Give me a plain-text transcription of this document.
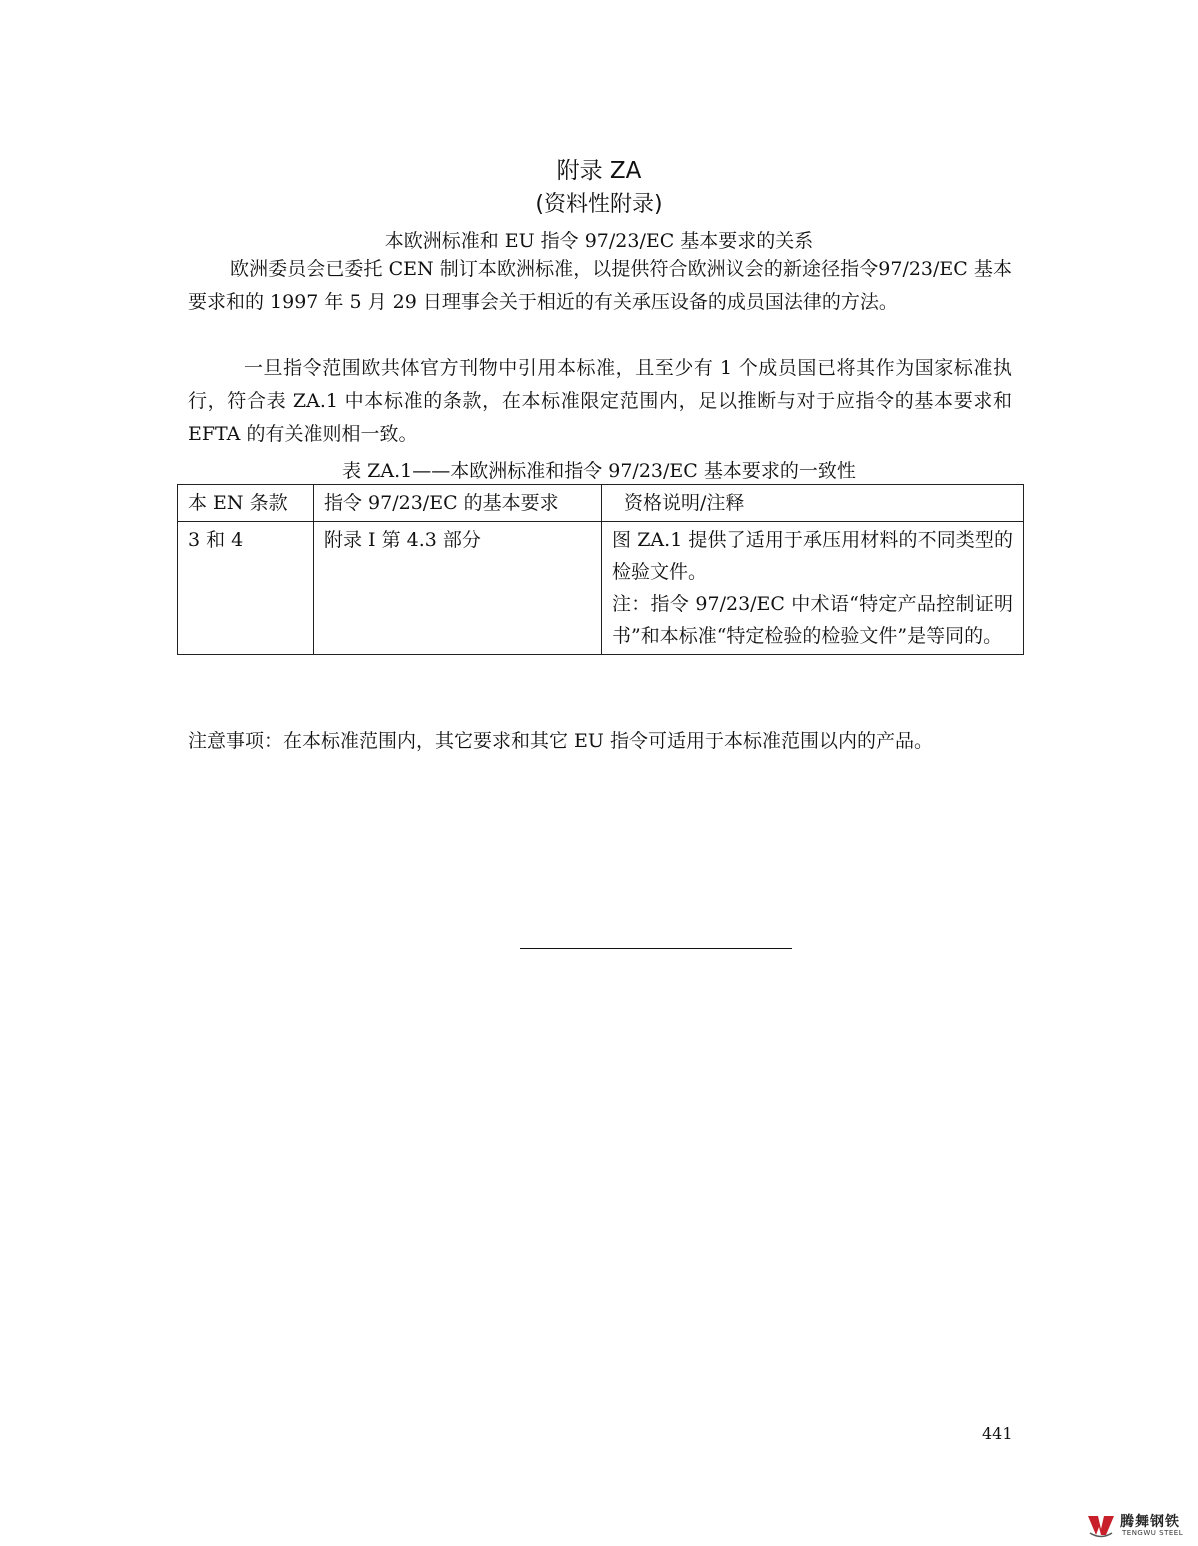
附录 ZA
(资料性附录)
本欧洲标准和 EU 指令 97/23/EC 基本要求的关系
欧洲委员会已委托 CEN 制订本欧洲标准，以提供符合欧洲议会的新途径指令97/23/EC 基本要求和的 1997 年 5 月 29 日理事会关于相近的有关承压设备的成员国法律的方法。
一旦指令范围欧共体官方刊物中引用本标准，且至少有 1 个成员国已将其作为国家标准执行，符合表 ZA.1 中本标准的条款，在本标准限定范围内，足以推断与对于应指令的基本要求和 EFTA 的有关准则相一致。
表 ZA.1——本欧洲标准和指令 97/23/EC 基本要求的一致性
本 EN 条款	指令 97/23/EC 的基本要求	资格说明/注释
3 和 4	附录 I 第 4.3 部分	图 ZA.1 提供了适用于承压用材料的不同类型的检验文件。
注：指令 97/23/EC 中术语“特定产品控制证明书”和本标准“特定检验的检验文件”是等同的。
注意事项：在本标准范围内，其它要求和其它 EU 指令可适用于本标准范围以内的产品。
441
腾舞钢铁
TENGWU STEEL
